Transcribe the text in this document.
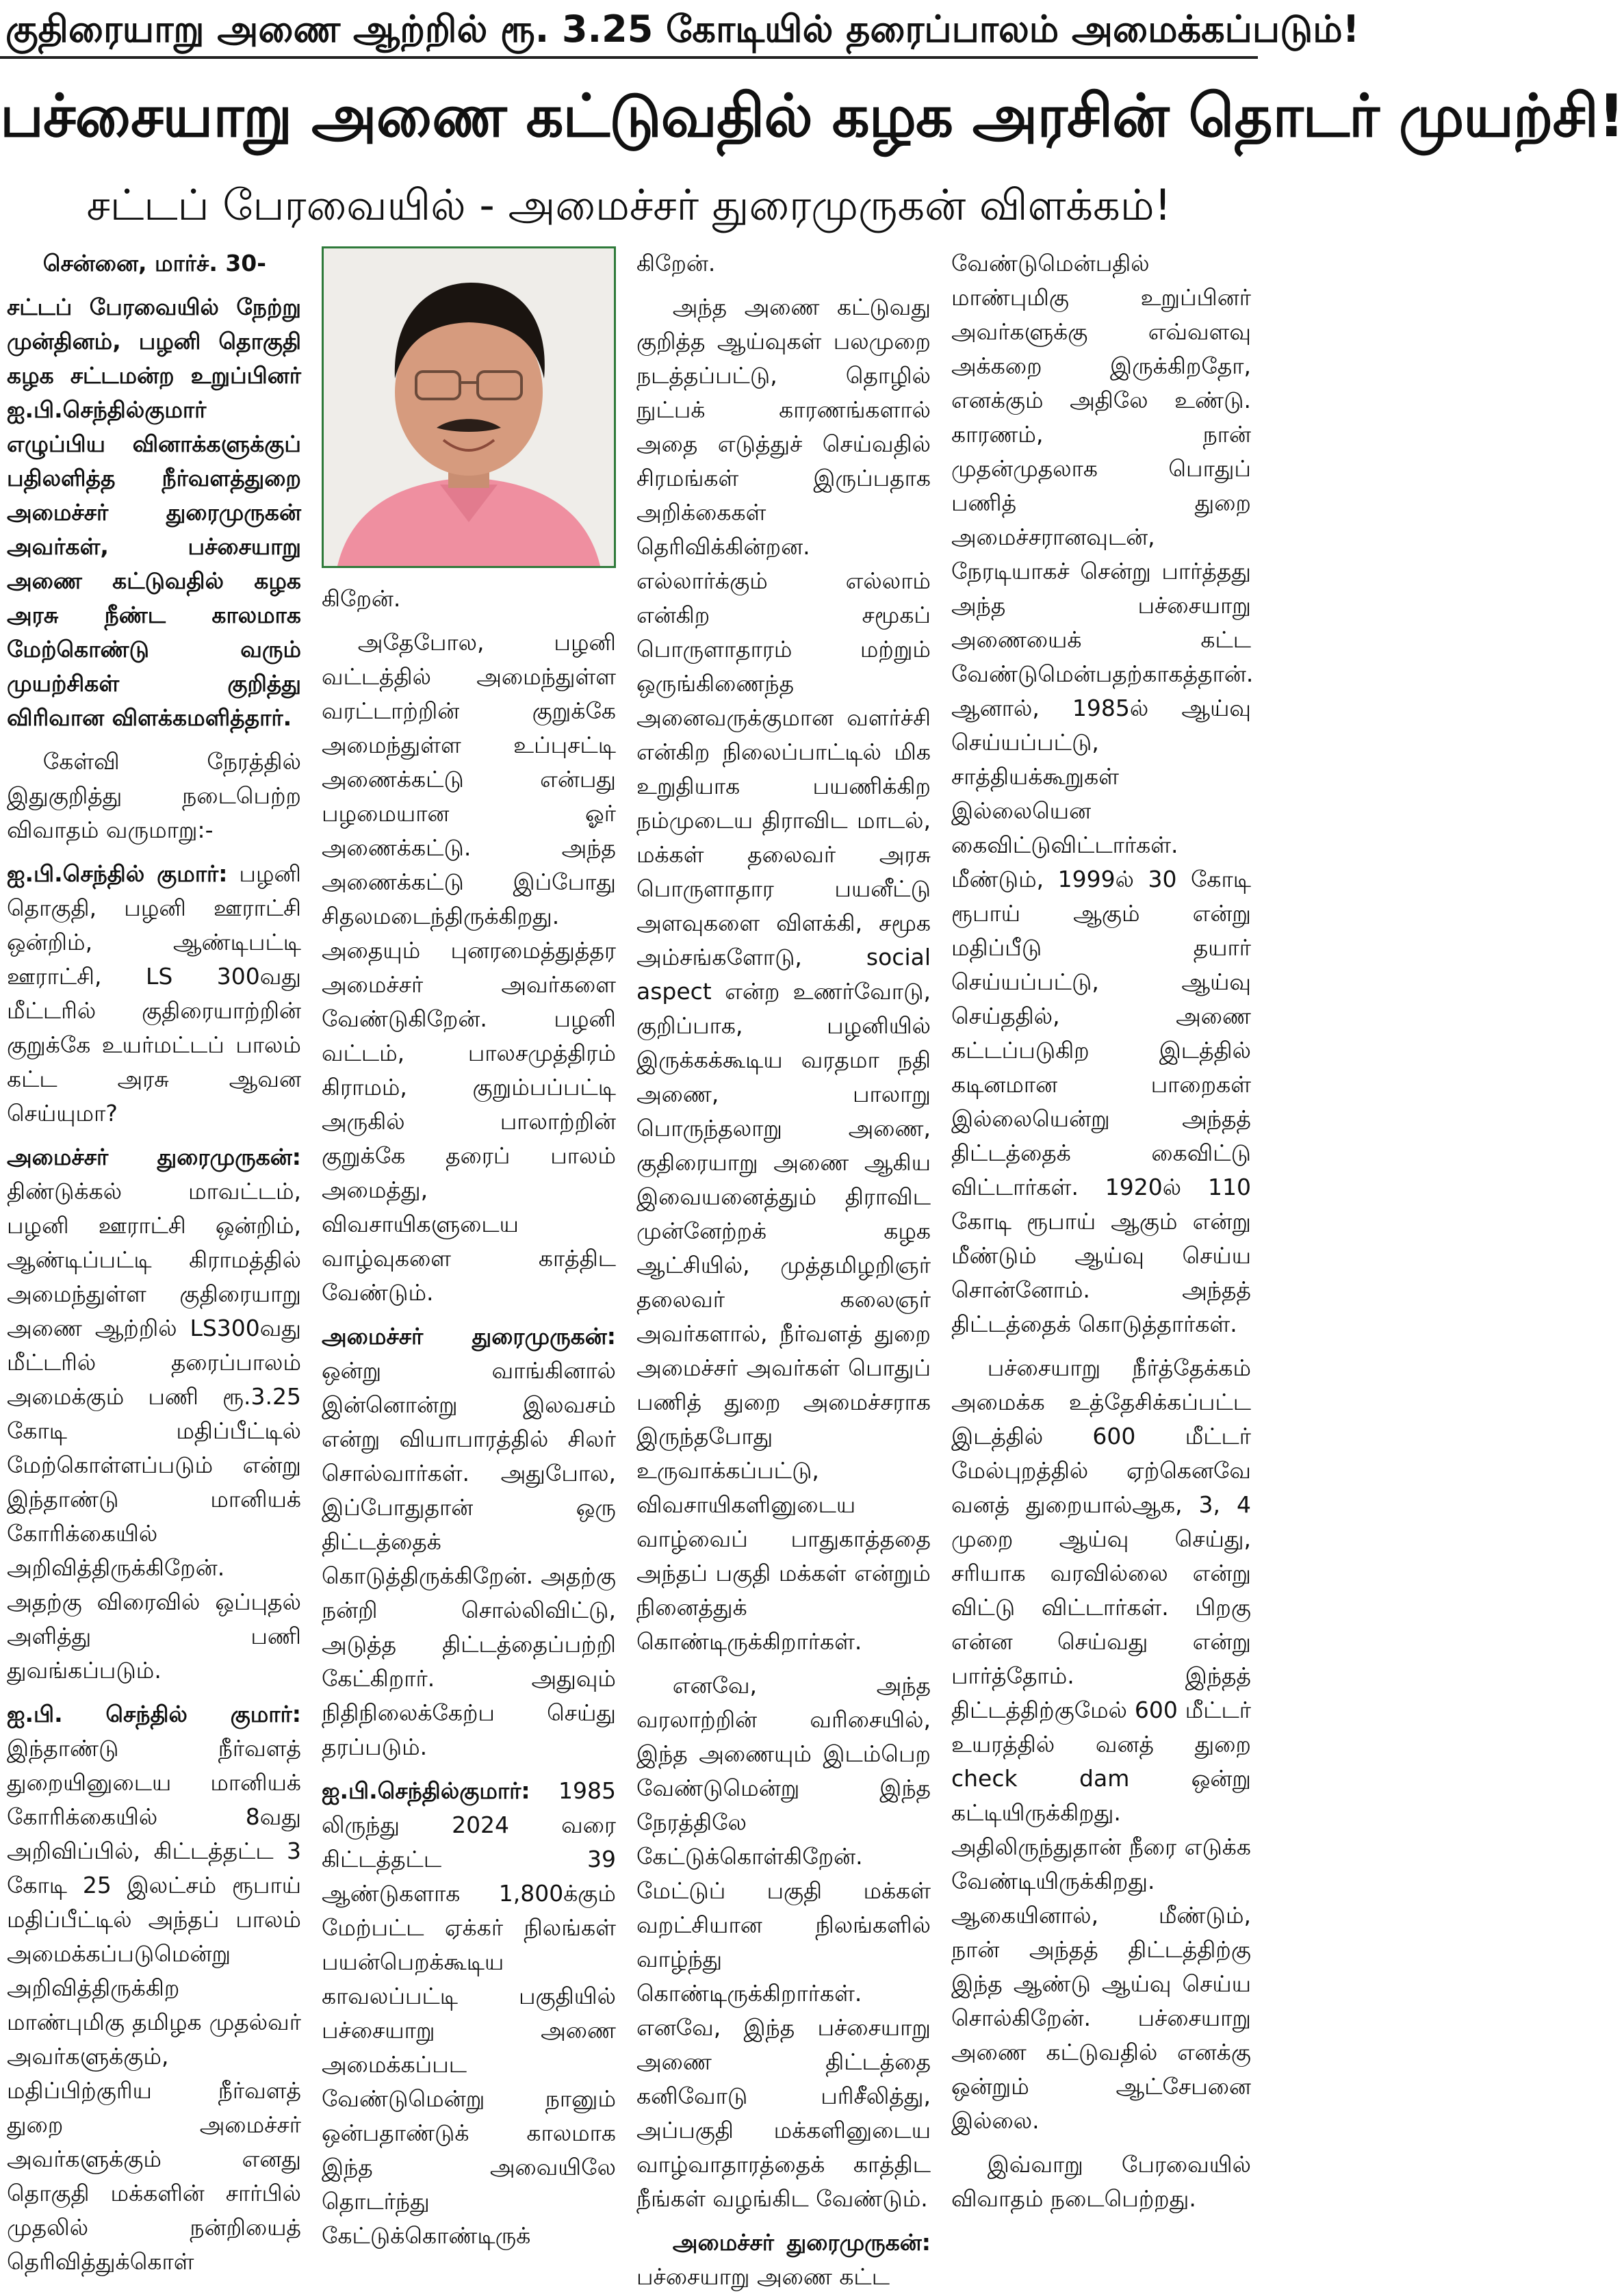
குதிரையாறு அணை ஆற்றில் ரூ. 3.25 கோடியில் தரைப்பாலம் அமைக்கப்படும்!
பச்சையாறு அணை கட்டுவதில் கழக அரசின் தொடர் முயற்சி!
சட்டப் பேரவையில் - அமைச்சர் துரைமுருகன் விளக்கம்!

சென்னை, மார்ச். 30-

சட்டப் பேரவையில் நேற்று முன்தினம், பழனி தொகுதி கழக சட்டமன்ற உறுப்பினர் ஐ.பி.செந்தில்குமார் எழுப்பிய வினாக்களுக்குப் பதிலளித்த நீர்வளத்துறை அமைச்சர் துரைமுருகன் அவர்கள், பச்சையாறு அணை கட்டுவதில் கழக அரசு நீண்ட காலமாக மேற்கொண்டு வரும் முயற்சிகள் குறித்து விரிவான விளக்கமளித்தார்.

கேள்வி நேரத்தில் இதுகுறித்து நடைபெற்ற விவாதம் வருமாறு:-

ஐ.பி.செந்தில் குமார்: பழனி தொகுதி, பழனி ஊராட்சி ஒன்றிம், ஆண்டிபட்டி ஊராட்சி, LS 300வது மீட்டரில் குதிரையாற்றின் குறுக்கே உயர்மட்டப் பாலம் கட்ட அரசு ஆவன செய்யுமா?

அமைச்சர் துரைமுருகன்: திண்டுக்கல் மாவட்டம், பழனி ஊராட்சி ஒன்றிம், ஆண்டிப்பட்டி கிராமத்தில் அமைந்துள்ள குதிரையாறு அணை ஆற்றில் LS300வது மீட்டரில் தரைப்பாலம் அமைக்கும் பணி ரூ.3.25 கோடி மதிப்பீட்டில் மேற்கொள்ளப்படும் என்று இந்தாண்டு மானியக் கோரிக்கையில் அறிவித்திருக்கிறேன். அதற்கு விரைவில் ஒப்புதல் அளித்து பணி துவங்கப்படும்.

ஐ.பி. செந்தில் குமார்: இந்தாண்டு நீர்வளத் துறையினுடைய மானியக் கோரிக்கையில் 8வது அறிவிப்பில், கிட்டத்தட்ட 3 கோடி 25 இலட்சம் ரூபாய் மதிப்பீட்டில் அந்தப் பாலம் அமைக்கப்படுமென்று அறிவித்திருக்கிற மாண்புமிகு தமிழக முதல்வர் அவர்களுக்கும், மதிப்பிற்குரிய நீர்வளத் துறை அமைச்சர் அவர்களுக்கும் எனது தொகுதி மக்களின் சார்பில் முதலில் நன்றியைத் தெரிவித்துக்கொள்

கிறேன்.

அதேபோல, பழனி வட்டத்தில் அமைந்துள்ள வரட்டாற்றின் குறுக்கே அமைந்துள்ள உப்புசட்டி அணைக்கட்டு என்பது பழமையான ஓர் அணைக்கட்டு. அந்த அணைக்கட்டு இப்போது சிதலமடைந்திருக்கிறது. அதையும் புனரமைத்துத்தர அமைச்சர் அவர்களை வேண்டுகிறேன். பழனி வட்டம், பாலசமுத்திரம் கிராமம், குறும்பப்பட்டி அருகில் பாலாற்றின் குறுக்கே தரைப் பாலம் அமைத்து, விவசாயிகளுடைய வாழ்வுகளை காத்திட வேண்டும்.

அமைச்சர் துரைமுருகன்: ஒன்று வாங்கினால் இன்னொன்று இலவசம் என்று வியாபாரத்தில் சிலர் சொல்வார்கள். அதுபோல, இப்போதுதான் ஒரு திட்டத்தைக் கொடுத்திருக்கிறேன். அதற்கு நன்றி சொல்லிவிட்டு, அடுத்த திட்டத்தைப்பற்றி கேட்கிறார். அதுவும் நிதிநிலைக்கேற்ப செய்து தரப்படும்.

ஐ.பி.செந்தில்குமார்: 1985 லிருந்து 2024 வரை கிட்டத்தட்ட 39 ஆண்டுகளாக 1,800க்கும் மேற்பட்ட ஏக்கர் நிலங்கள் பயன்பெறக்கூடிய காவலப்பட்டி பகுதியில் பச்சையாறு அணை அமைக்கப்பட வேண்டுமென்று நானும் ஒன்பதாண்டுக் காலமாக இந்த அவையிலே தொடர்ந்து கேட்டுக்கொண்டிருக்

கிறேன்.

அந்த அணை கட்டுவது குறித்த ஆய்வுகள் பலமுறை நடத்தப்பட்டு, தொழில் நுட்பக் காரணங்களால் அதை எடுத்துச் செய்வதில் சிரமங்கள் இருப்பதாக அறிக்கைகள் தெரிவிக்கின்றன. எல்லார்க்கும் எல்லாம் என்கிற சமூகப் பொருளாதாரம் மற்றும் ஒருங்கிணைந்த அனைவருக்குமான வளர்ச்சி என்கிற நிலைப்பாட்டில் மிக உறுதியாக பயணிக்கிற நம்முடைய திராவிட மாடல், மக்கள் தலைவர் அரசு பொருளாதார பயனீட்டு அளவுகளை விளக்கி, சமூக அம்சங்களோடு, social aspect என்ற உணர்வோடு, குறிப்பாக, பழனியில் இருக்கக்கூடிய வரதமா நதி அணை, பாலாறு பொருந்தலாறு அணை, குதிரையாறு அணை ஆகிய இவையனைத்தும் திராவிட முன்னேற்றக் கழக ஆட்சியில், முத்தமிழறிஞர் தலைவர் கலைஞர் அவர்களால், நீர்வளத் துறை அமைச்சர் அவர்கள் பொதுப் பணித் துறை அமைச்சராக இருந்தபோது உருவாக்கப்பட்டு, விவசாயிகளினுடைய வாழ்வைப் பாதுகாத்ததை அந்தப் பகுதி மக்கள் என்றும் நினைத்துக் கொண்டிருக்கிறார்கள்.

எனவே, அந்த வரலாற்றின் வரிசையில், இந்த அணையும் இடம்பெற வேண்டுமென்று இந்த நேரத்திலே கேட்டுக்கொள்கிறேன். மேட்டுப் பகுதி மக்கள் வறட்சியான நிலங்களில் வாழ்ந்து கொண்டிருக்கிறார்கள். எனவே, இந்த பச்சையாறு அணை திட்டத்தை கனிவோடு பரிசீலித்து, அப்பகுதி மக்களினுடைய வாழ்வாதாரத்தைக் காத்திட நீங்கள் வழங்கிட வேண்டும்.

அமைச்சர் துரைமுருகன்: பச்சையாறு அணை கட்ட

வேண்டுமென்பதில் மாண்புமிகு உறுப்பினர் அவர்களுக்கு எவ்வளவு அக்கறை இருக்கிறதோ, எனக்கும் அதிலே உண்டு. காரணம், நான் முதன்முதலாக பொதுப் பணித் துறை அமைச்சரானவுடன், நேரடியாகச் சென்று பார்த்தது அந்த பச்சையாறு அணையைக் கட்ட வேண்டுமென்பதற்காகத்தான். ஆனால், 1985ல் ஆய்வு செய்யப்பட்டு, சாத்தியக்கூறுகள் இல்லையென கைவிட்டுவிட்டார்கள். மீண்டும், 1999ல் 30 கோடி ரூபாய் ஆகும் என்று மதிப்பீடு தயார் செய்யப்பட்டு, ஆய்வு செய்ததில், அணை கட்டப்படுகிற இடத்தில் கடினமான பாறைகள் இல்லையென்று அந்தத் திட்டத்தைக் கைவிட்டு விட்டார்கள். 1920ல் 110 கோடி ரூபாய் ஆகும் என்று மீண்டும் ஆய்வு செய்ய சொன்னோம். அந்தத் திட்டத்தைக் கொடுத்தார்கள்.

பச்சையாறு நீர்த்தேக்கம் அமைக்க உத்தேசிக்கப்பட்ட இடத்தில் 600 மீட்டர் மேல்புறத்தில் ஏற்கெனவே வனத் துறையால்ஆக, 3, 4 முறை ஆய்வு செய்து, சரியாக வரவில்லை என்று விட்டு விட்டார்கள். பிறகு என்ன செய்வது என்று பார்த்தோம். இந்தத் திட்டத்திற்குமேல் 600 மீட்டர் உயரத்தில் வனத் துறை check dam ஒன்று கட்டியிருக்கிறது. அதிலிருந்துதான் நீரை எடுக்க வேண்டியிருக்கிறது. ஆகையினால், மீண்டும், நான் அந்தத் திட்டத்திற்கு இந்த ஆண்டு ஆய்வு செய்ய சொல்கிறேன். பச்சையாறு அணை கட்டுவதில் எனக்கு ஒன்றும் ஆட்சேபனை இல்லை.

இவ்வாறு பேரவையில் விவாதம் நடைபெற்றது.
